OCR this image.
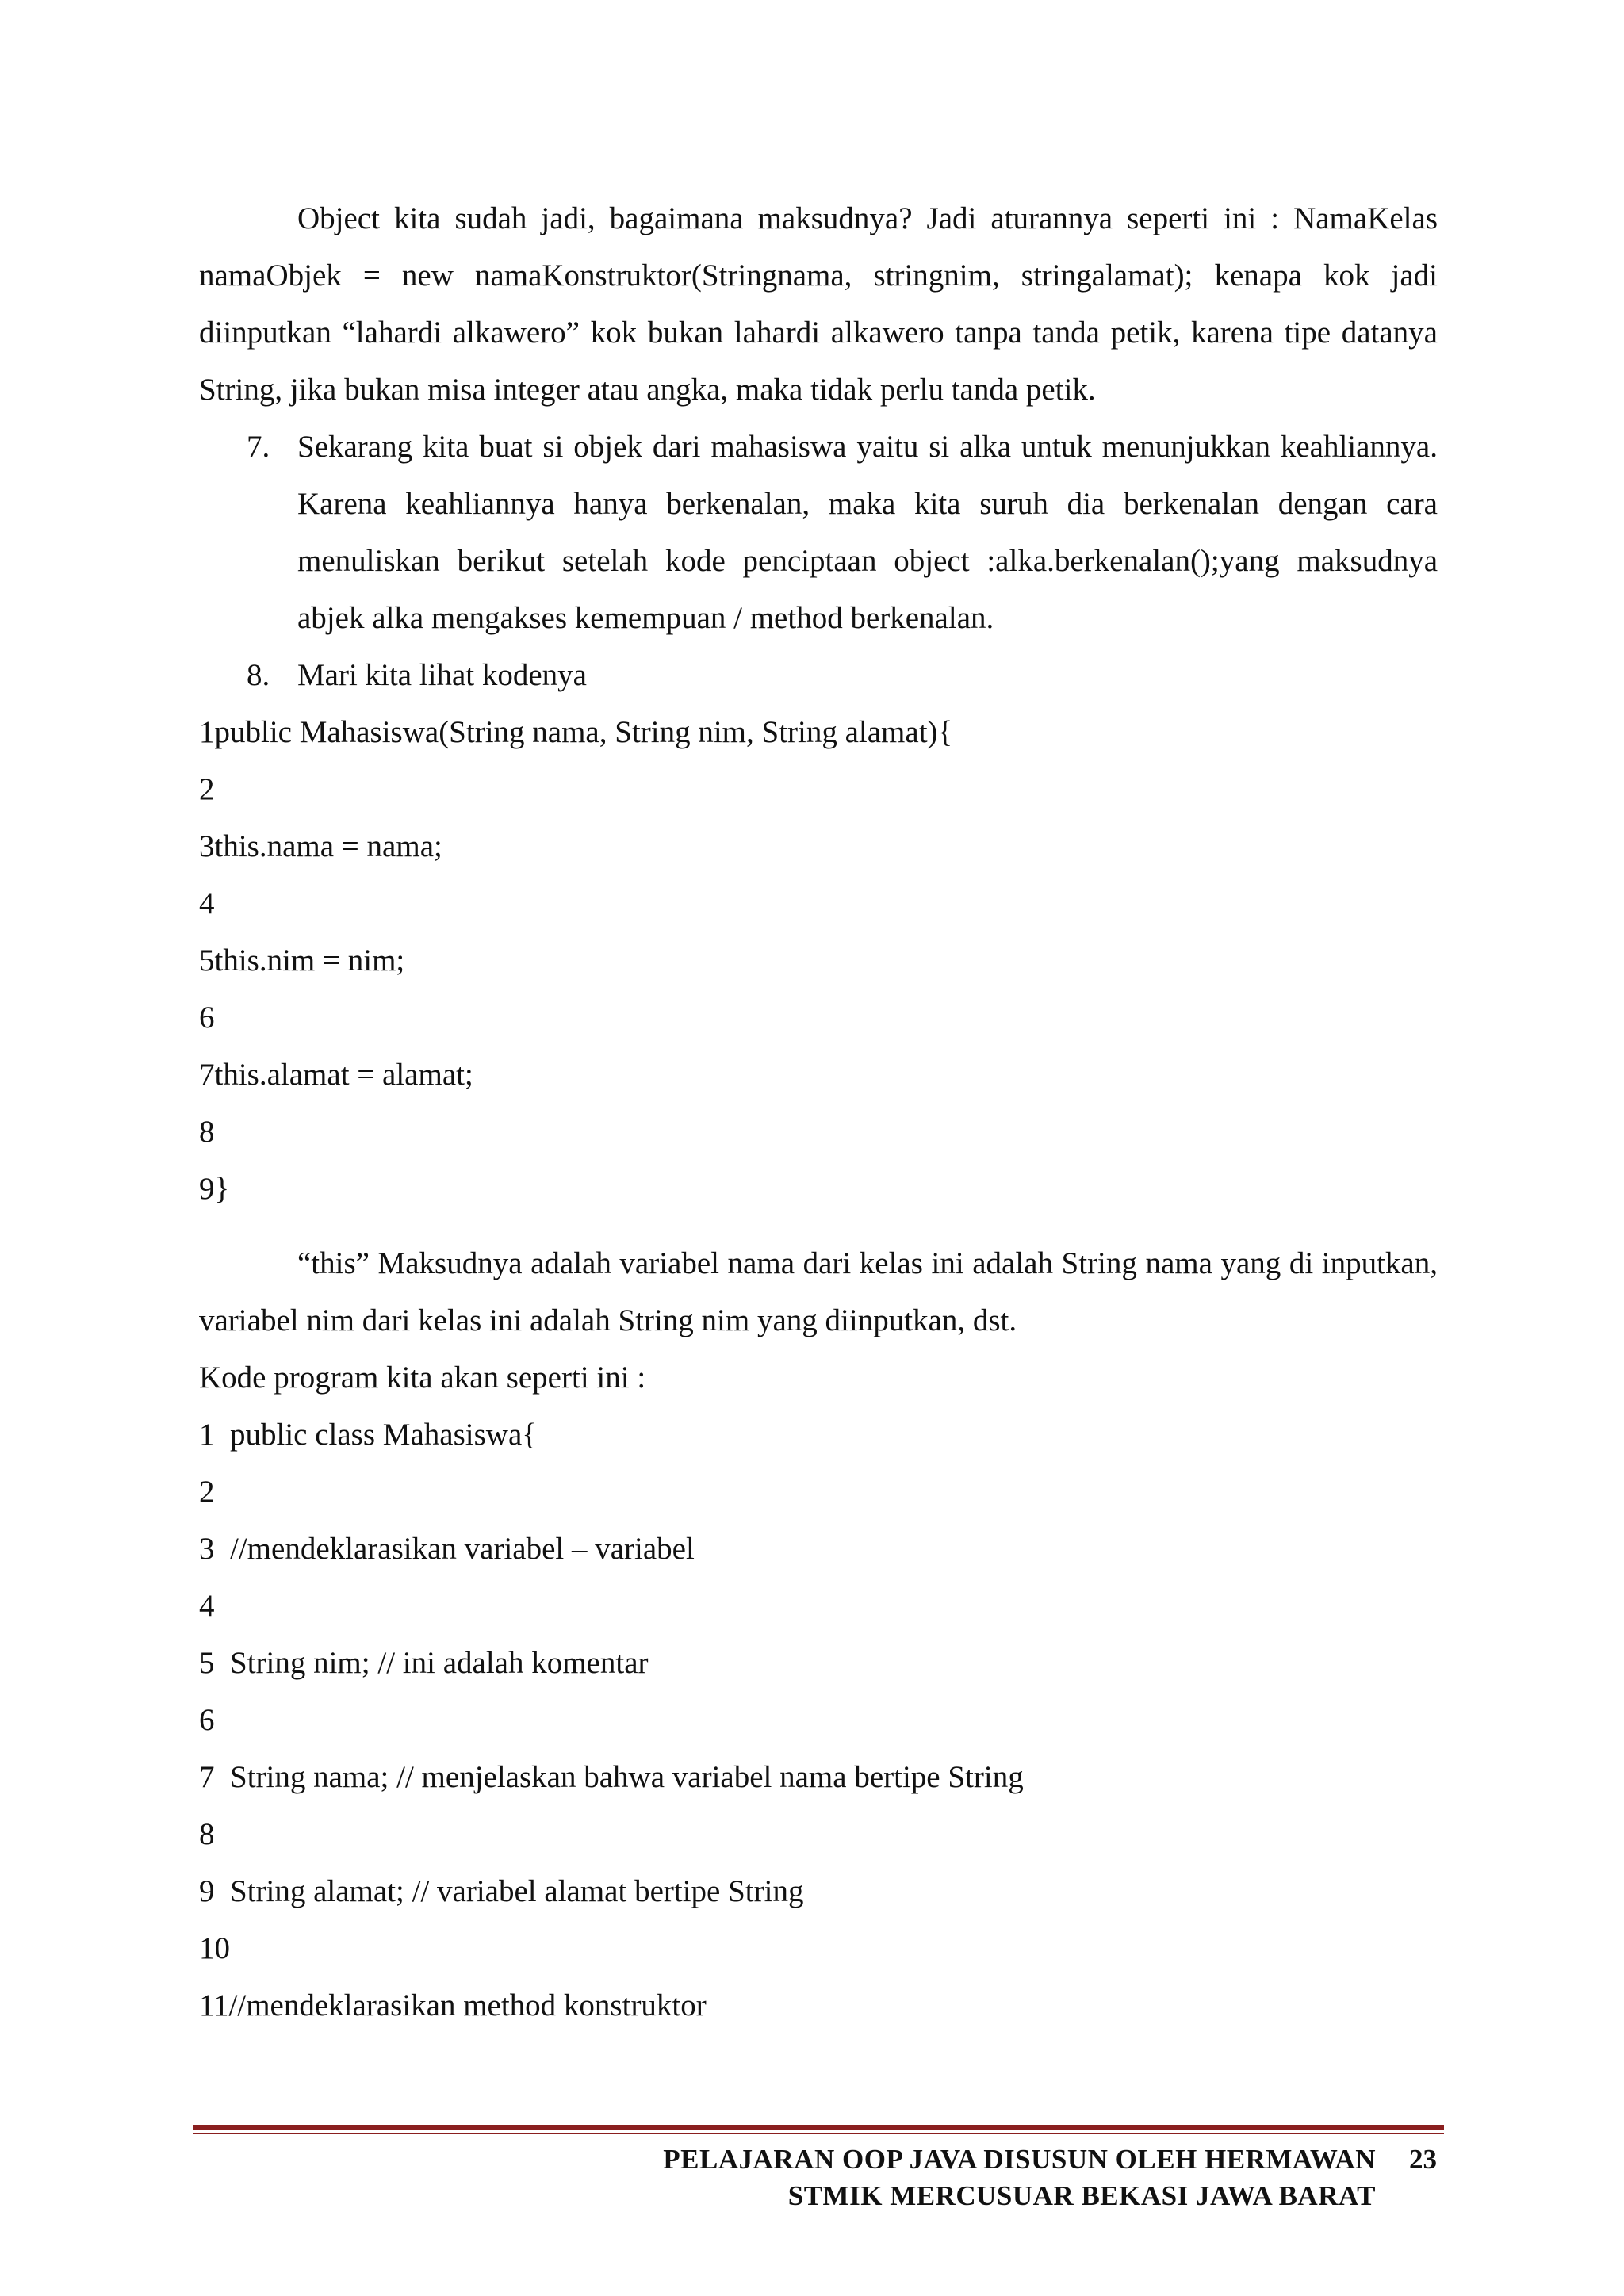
Object kita sudah jadi, bagaimana maksudnya? Jadi aturannya seperti ini : NamaKelas namaObjek = new namaKonstruktor(Stringnama, stringnim, stringalamat); kenapa kok jadi diinputkan “lahardi alkawero” kok bukan lahardi alkawero tanpa tanda petik, karena tipe datanya String, jika bukan misa integer atau angka, maka tidak perlu tanda petik.

7. Sekarang kita buat si objek dari mahasiswa yaitu si alka untuk menunjukkan keahliannya. Karena keahliannya hanya berkenalan, maka kita suruh dia berkenalan dengan cara menuliskan berikut setelah kode penciptaan object :alka.berkenalan();yang maksudnya abjek alka mengakses kemempuan / method berkenalan.
8. Mari kita lihat kodenya
1public Mahasiswa(String nama, String nim, String alamat){
2
3this.nama = nama;
4
5this.nim = nim;
6
7this.alamat = alamat;
8
9}

“this” Maksudnya adalah variabel nama dari kelas ini adalah String nama yang di inputkan, variabel nim dari kelas ini adalah String nim yang diinputkan, dst.

Kode program kita akan seperti ini :

1  public class Mahasiswa{
2
3  //mendeklarasikan variabel – variabel
4
5  String nim; // ini adalah komentar
6
7  String nama; // menjelaskan bahwa variabel nama bertipe String
8
9  String alamat; // variabel alamat bertipe String
10
11//mendeklarasikan method konstruktor
PELAJARAN OOP JAVA DISUSUN OLEH HERMAWAN 23
STMIK MERCUSUAR BEKASI JAWA BARAT
